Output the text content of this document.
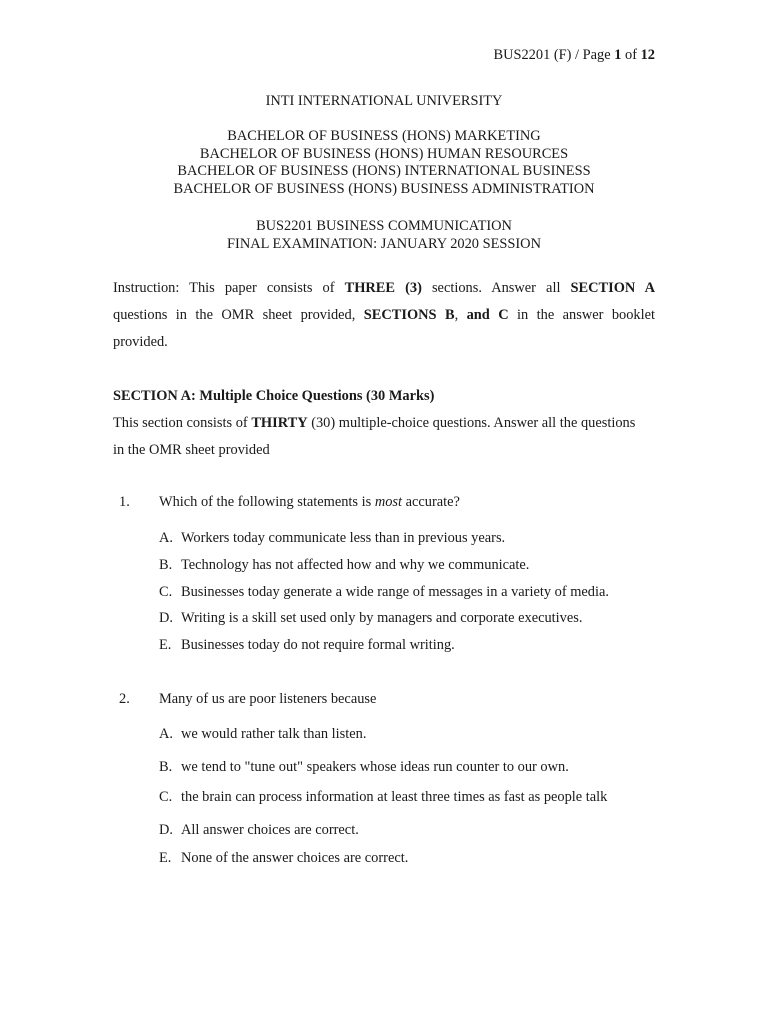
BUS2201 (F) / Page 1 of 12
INTI INTERNATIONAL UNIVERSITY
BACHELOR OF BUSINESS (HONS) MARKETING
BACHELOR OF BUSINESS (HONS) HUMAN RESOURCES
BACHELOR OF BUSINESS (HONS) INTERNATIONAL BUSINESS
BACHELOR OF BUSINESS (HONS) BUSINESS ADMINISTRATION
BUS2201 BUSINESS COMMUNICATION
FINAL EXAMINATION: JANUARY 2020 SESSION
Instruction: This paper consists of THREE (3) sections. Answer all SECTION A
questions in the OMR sheet provided, SECTIONS B, and C in the answer booklet
provided.
SECTION A: Multiple Choice Questions (30 Marks)
This section consists of THIRTY (30) multiple-choice questions. Answer all the questions
in the OMR sheet provided
1. Which of the following statements is most accurate?
A. Workers today communicate less than in previous years.
B. Technology has not affected how and why we communicate.
C. Businesses today generate a wide range of messages in a variety of media.
D. Writing is a skill set used only by managers and corporate executives.
E. Businesses today do not require formal writing.
2. Many of us are poor listeners because
A. we would rather talk than listen.
B. we tend to "tune out" speakers whose ideas run counter to our own.
C. the brain can process information at least three times as fast as people talk
D. All answer choices are correct.
E. None of the answer choices are correct.
